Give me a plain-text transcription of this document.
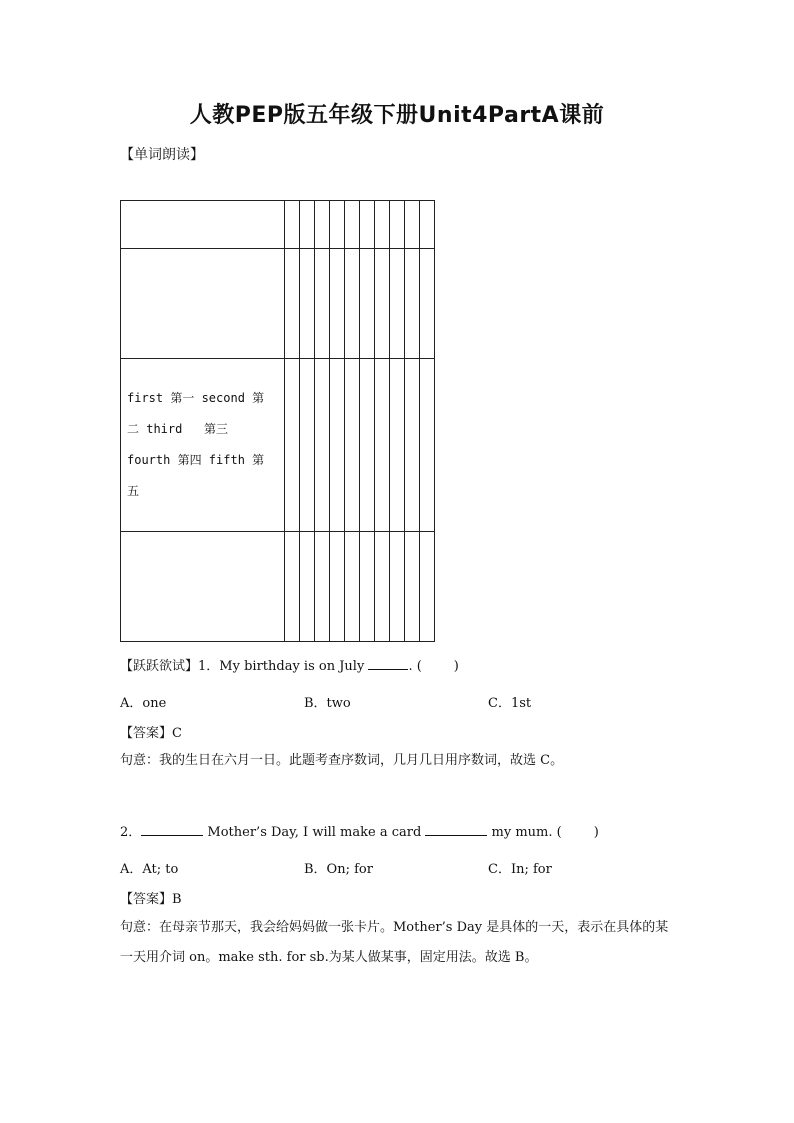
人教PEP版五年级下册Unit4PartA课前
【单词朗读】

first 第一 second 第
二 third   第三
fourth 第四 fifth 第
五										

【跃跃欲试】1．My birthday is on July	. ( )
A．one	B．two	C．1st
【答案】C
句意：我的生日在六月一日。此题考查序数词，几月几日用序数词，故选 C。
2．	Mother’s Day, I will make a card	my mum. ( )
A．At; to	B．On; for	C．In; for
【答案】B
句意：在母亲节那天，我会给妈妈做一张卡片。Mother’s Day 是具体的一天，表示在具体的某一天用介词 on。make sth. for sb.为某人做某事，固定用法。故选 B。
